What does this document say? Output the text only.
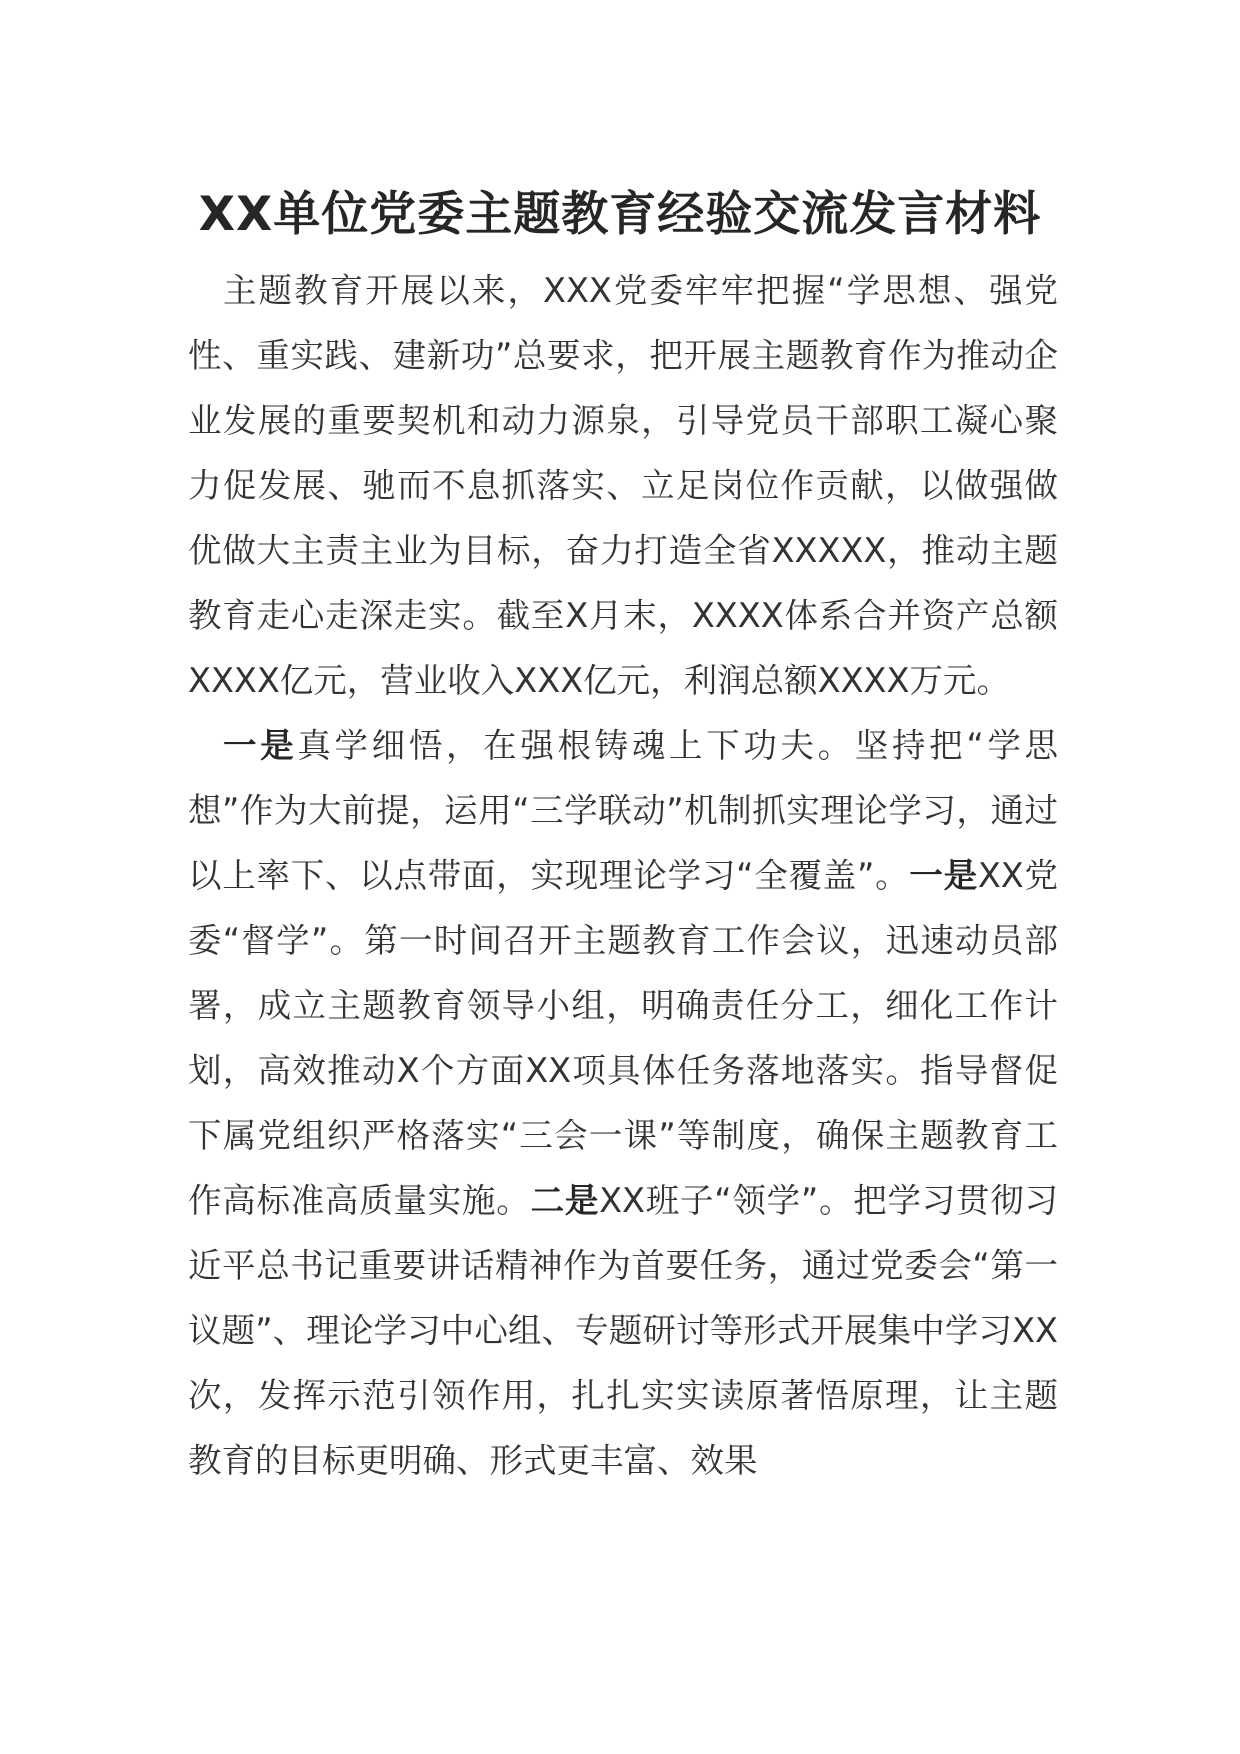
XX单位党委主题教育经验交流发言材料

主题教育开展以来，XXX党委牢牢把握“学思想、强党性、重实践、建新功”总要求，把开展主题教育作为推动企业发展的重要契机和动力源泉，引导党员干部职工凝心聚力促发展、驰而不息抓落实、立足岗位作贡献，以做强做优做大主责主业为目标，奋力打造全省XXXXX，推动主题教育走心走深走实。截至X月末，XXXX体系合并资产总额XXXX亿元，营业收入XXX亿元，利润总额XXXX万元。

一是真学细悟，在强根铸魂上下功夫。坚持把“学思想”作为大前提，运用“三学联动”机制抓实理论学习，通过以上率下、以点带面，实现理论学习“全覆盖”。一是XX党委“督学”。第一时间召开主题教育工作会议，迅速动员部署，成立主题教育领导小组，明确责任分工，细化工作计划，高效推动X个方面XX项具体任务落地落实。指导督促下属党组织严格落实“三会一课”等制度，确保主题教育工作高标准高质量实施。二是XX班子“领学”。把学习贯彻习近平总书记重要讲话精神作为首要任务，通过党委会“第一议题”、理论学习中心组、专题研讨等形式开展集中学习XX次，发挥示范引领作用，扎扎实实读原著悟原理，让主题教育的目标更明确、形式更丰富、效果
